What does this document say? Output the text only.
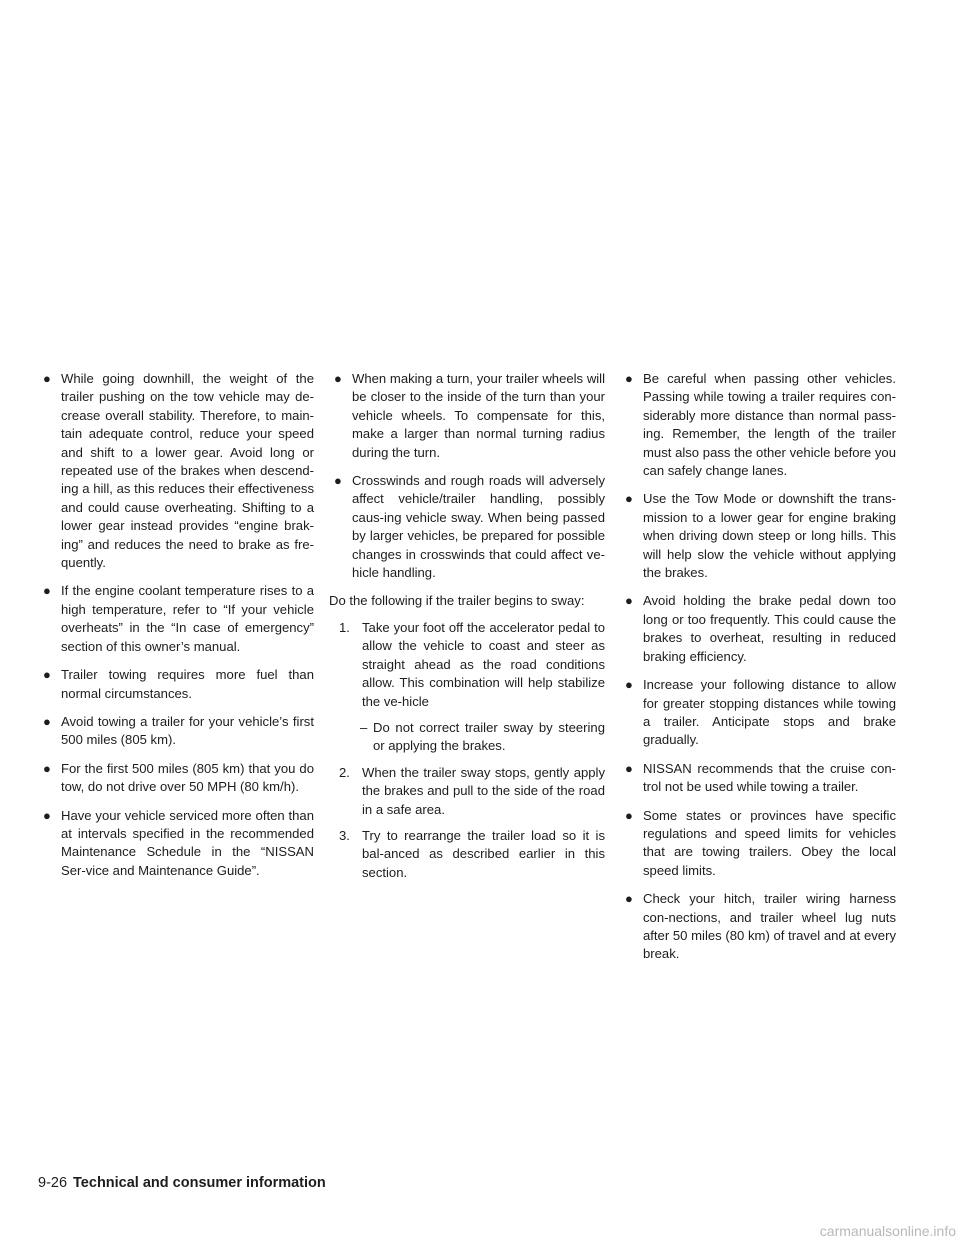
● While going downhill, the weight of the trailer pushing on the tow vehicle may de-crease overall stability. Therefore, to main-tain adequate control, reduce your speed and shift to a lower gear. Avoid long or repeated use of the brakes when descend-ing a hill, as this reduces their effectiveness and could cause overheating. Shifting to a lower gear instead provides “engine brak-ing” and reduces the need to brake as fre-quently.
● If the engine coolant temperature rises to a high temperature, refer to “If your vehicle overheats” in the “In case of emergency” section of this owner’s manual.
● Trailer towing requires more fuel than normal circumstances.
● Avoid towing a trailer for your vehicle’s first 500 miles (805 km).
● For the first 500 miles (805 km) that you do tow, do not drive over 50 MPH (80 km/h).
● Have your vehicle serviced more often than at intervals specified in the recommended Maintenance Schedule in the “NISSAN Ser-vice and Maintenance Guide”.
● When making a turn, your trailer wheels will be closer to the inside of the turn than your vehicle wheels. To compensate for this, make a larger than normal turning radius during the turn.
● Crosswinds and rough roads will adversely affect vehicle/trailer handling, possibly caus-ing vehicle sway. When being passed by larger vehicles, be prepared for possible changes in crosswinds that could affect ve-hicle handling.

Do the following if the trailer begins to sway:

1. Take your foot off the accelerator pedal to allow the vehicle to coast and steer as straight ahead as the road conditions allow. This combination will help stabilize the ve-hicle
– Do not correct trailer sway by steering or applying the brakes.
2. When the trailer sway stops, gently apply the brakes and pull to the side of the road in a safe area.
3. Try to rearrange the trailer load so it is bal-anced as described earlier in this section.
● Be careful when passing other vehicles. Passing while towing a trailer requires con-siderably more distance than normal pass-ing. Remember, the length of the trailer must also pass the other vehicle before you can safely change lanes.
● Use the Tow Mode or downshift the trans-mission to a lower gear for engine braking when driving down steep or long hills. This will help slow the vehicle without applying the brakes.
● Avoid holding the brake pedal down too long or too frequently. This could cause the brakes to overheat, resulting in reduced braking efficiency.
● Increase your following distance to allow for greater stopping distances while towing a trailer. Anticipate stops and brake gradually.
● NISSAN recommends that the cruise con-trol not be used while towing a trailer.
● Some states or provinces have specific regulations and speed limits for vehicles that are towing trailers. Obey the local speed limits.
● Check your hitch, trailer wiring harness con-nections, and trailer wheel lug nuts after 50 miles (80 km) of travel and at every break.
9-26 Technical and consumer information
carmanualsonline.info
